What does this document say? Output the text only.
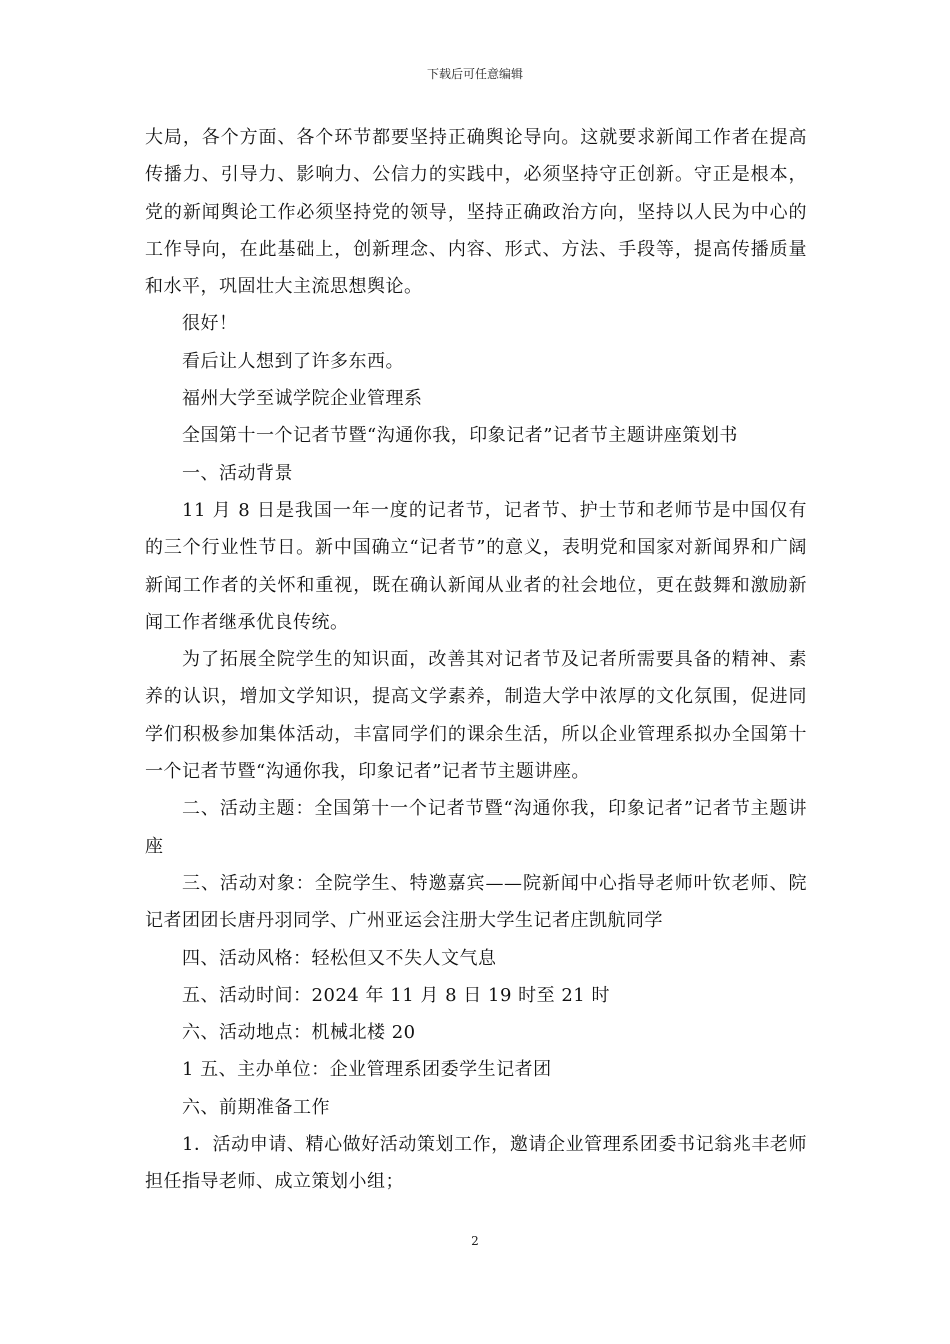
下载后可任意编辑

大局，各个方面、各个环节都要坚持正确舆论导向。这就要求新闻工作者在提高传播力、引导力、影响力、公信力的实践中，必须坚持守正创新。守正是根本，党的新闻舆论工作必须坚持党的领导，坚持正确政治方向，坚持以人民为中心的工作导向，在此基础上，创新理念、内容、形式、方法、手段等，提高传播质量和水平，巩固壮大主流思想舆论。

很好！

看后让人想到了许多东西。

福州大学至诚学院企业管理系

全国第十一个记者节暨“沟通你我，印象记者”记者节主题讲座策划书

一、活动背景

11 月 8 日是我国一年一度的记者节，记者节、护士节和老师节是中国仅有的三个行业性节日。新中国确立“记者节”的意义，表明党和国家对新闻界和广阔新闻工作者的关怀和重视，既在确认新闻从业者的社会地位，更在鼓舞和激励新闻工作者继承优良传统。

为了拓展全院学生的知识面，改善其对记者节及记者所需要具备的精神、素养的认识，增加文学知识，提高文学素养，制造大学中浓厚的文化氛围，促进同学们积极参加集体活动，丰富同学们的课余生活，所以企业管理系拟办全国第十一个记者节暨“沟通你我，印象记者”记者节主题讲座。

二、活动主题：全国第十一个记者节暨“沟通你我，印象记者”记者节主题讲座

三、活动对象：全院学生、特邀嘉宾——院新闻中心指导老师叶钦老师、院记者团团长唐丹羽同学、广州亚运会注册大学生记者庄凯航同学

四、活动风格：轻松但又不失人文气息

五、活动时间：2024 年 11 月 8 日 19 时至 21 时

六、活动地点：机械北楼 20

1 五、主办单位：企业管理系团委学生记者团

六、前期准备工作

1．活动申请、精心做好活动策划工作，邀请企业管理系团委书记翁兆丰老师担任指导老师、成立策划小组；

2
